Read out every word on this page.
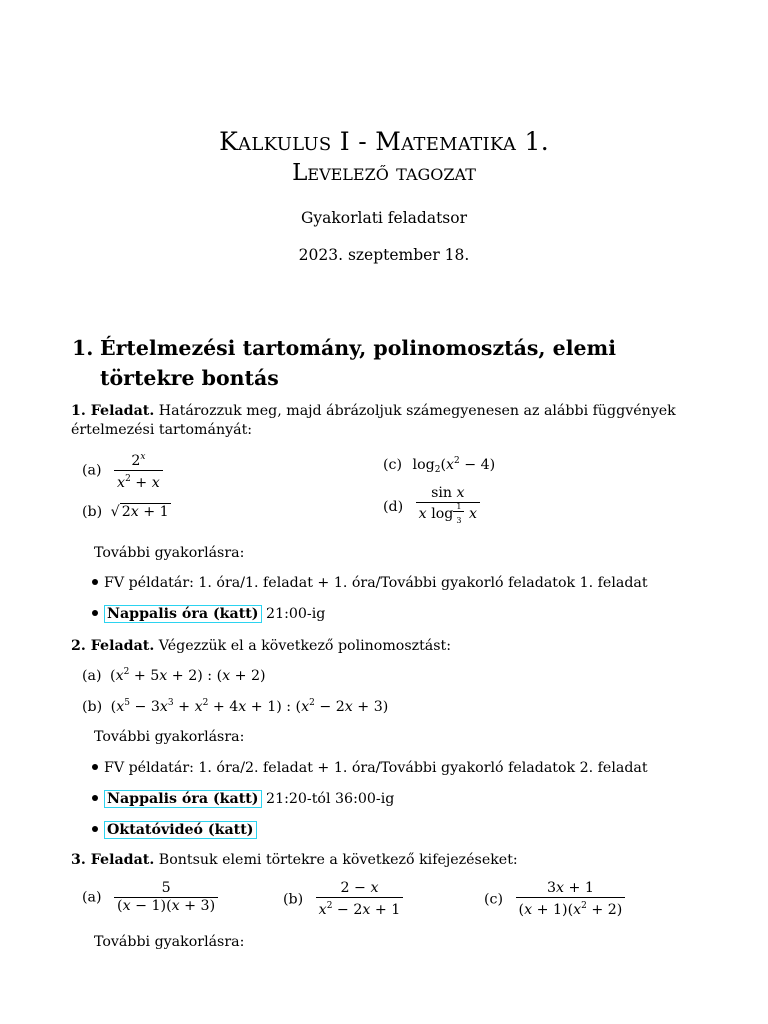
Kalkulus I - Matematika 1.
Levelező tagozat
Gyakorlati feladatsor
2023. szeptember 18.
1. Értelmezési tartomány, polinomosztás, elemi törtekre bontás
1. Feladat. Határozzuk meg, majd ábrázoljuk számegyenesen az alábbi függvények értelmezési tartományát:
$(a) \frac{2^x}{x^2 + x}$
(b) √ 2x + 1
(c) $\log_2(x^2 - 4)$
$(d) \frac{\text{sin x}}{x \log \frac{1}{3} x}$
További gyakorlásra:
FV példatár: 1. óra/1. feladat + 1. óra/További gyakorló feladatok 1. feladat
Nappalis óra (katt) 21:00-ig
2. Feladat. Végezzük el a következő polinomosztást:
(a) $(x^2 + 5x + 2)$ : (x + 2)
(b) $(x^5 - 3x^3 + x^2 + 4x + 1)$ : $(x^2 - 2x + 3)$
További gyakorlásra:
FV példatár: 1. óra/2. feladat + 1. óra/További gyakorló feladatok 2. feladat
Nappalis óra (katt) 21:20-tól 36:00-ig
Oktatóvideó (katt)
3. Feladat. Bontsuk elemi törtekre a következő kifejezéseket:
$(a) \frac{5}{(x - 1)(x + 3)}$	$(b) \frac{2 - x}{x^2 - 2x + 1}$	$(c) \frac{3x + 1}{(x + 1)(x^2 + 2)}$
További gyakorlásra:
